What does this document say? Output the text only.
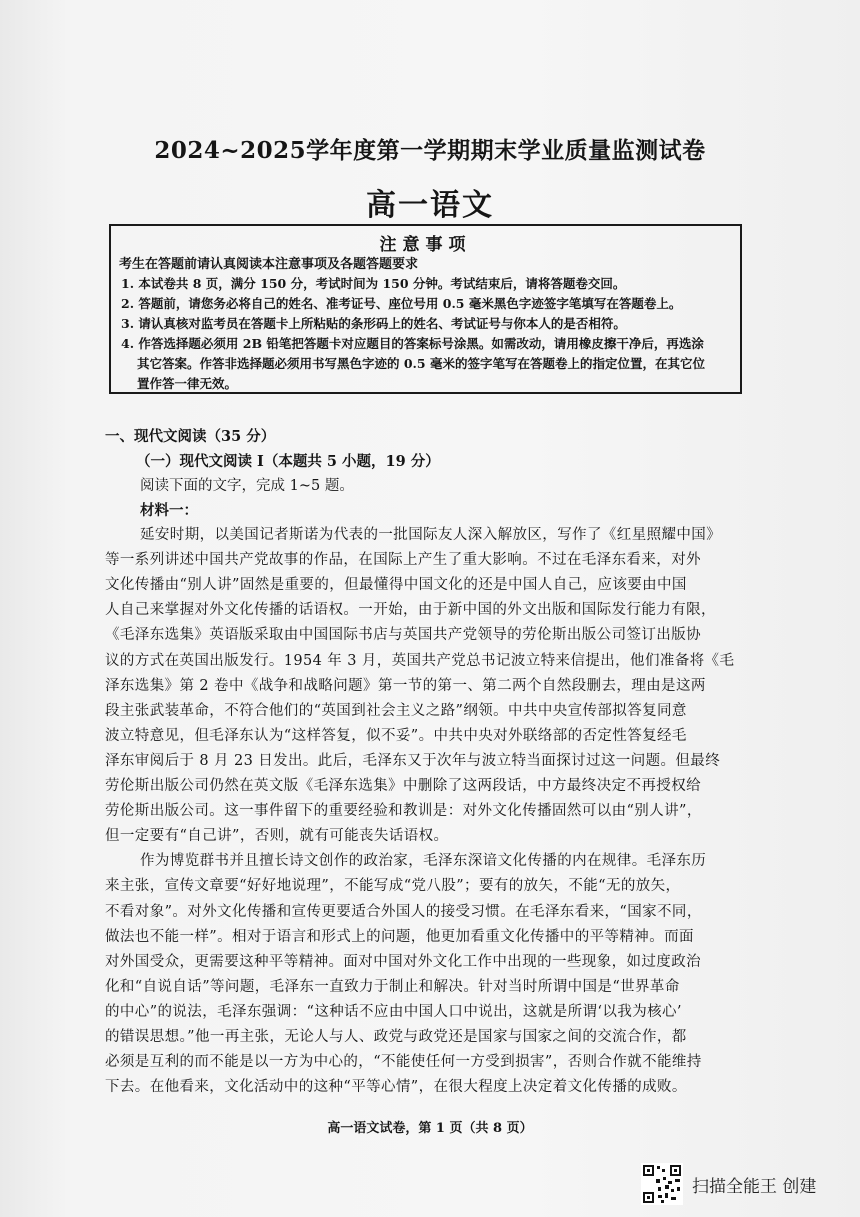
2024~2025学年度第一学期期末学业质量监测试卷
高一语文
注意事项
考生在答题前请认真阅读本注意事项及各题答题要求
1. 本试卷共 8 页，满分 150 分，考试时间为 150 分钟。考试结束后，请将答题卷交回。
2. 答题前，请您务必将自己的姓名、准考证号、座位号用 0.5 毫米黑色字迹签字笔填写在答题卷上。
3. 请认真核对监考员在答题卡上所粘贴的条形码上的姓名、考试证号与你本人的是否相符。
4. 作答选择题必须用 2B 铅笔把答题卡对应题目的答案标号涂黑。如需改动，请用橡皮擦干净后，再选涂
其它答案。作答非选择题必须用书写黑色字迹的 0.5 毫米的签字笔写在答题卷上的指定位置，在其它位
置作答一律无效。
一、现代文阅读（35 分）
（一）现代文阅读 I（本题共 5 小题，19 分）
阅读下面的文字，完成 1~5 题。
材料一：
延安时期，以美国记者斯诺为代表的一批国际友人深入解放区，写作了《红星照耀中国》
等一系列讲述中国共产党故事的作品，在国际上产生了重大影响。不过在毛泽东看来，对外
文化传播由“别人讲”固然是重要的，但最懂得中国文化的还是中国人自己，应该要由中国
人自己来掌握对外文化传播的话语权。一开始，由于新中国的外文出版和国际发行能力有限，
《毛泽东选集》英语版采取由中国国际书店与英国共产党领导的劳伦斯出版公司签订出版协
议的方式在英国出版发行。1954 年 3 月，英国共产党总书记波立特来信提出，他们准备将《毛
泽东选集》第 2 卷中《战争和战略问题》第一节的第一、第二两个自然段删去，理由是这两
段主张武装革命，不符合他们的“英国到社会主义之路”纲领。中共中央宣传部拟答复同意
波立特意见，但毛泽东认为“这样答复，似不妥”。中共中央对外联络部的否定性答复经毛
泽东审阅后于 8 月 23 日发出。此后，毛泽东又于次年与波立特当面探讨过这一问题。但最终
劳伦斯出版公司仍然在英文版《毛泽东选集》中删除了这两段话，中方最终决定不再授权给
劳伦斯出版公司。这一事件留下的重要经验和教训是：对外文化传播固然可以由“别人讲”，
但一定要有“自己讲”，否则，就有可能丧失话语权。
作为博览群书并且擅长诗文创作的政治家，毛泽东深谙文化传播的内在规律。毛泽东历
来主张，宣传文章要“好好地说理”，不能写成“党八股”；要有的放矢，不能“无的放矢，
不看对象”。对外文化传播和宣传更要适合外国人的接受习惯。在毛泽东看来，“国家不同，
做法也不能一样”。相对于语言和形式上的问题，他更加看重文化传播中的平等精神。而面
对外国受众，更需要这种平等精神。面对中国对外文化工作中出现的一些现象，如过度政治
化和“自说自话”等问题，毛泽东一直致力于制止和解决。针对当时所谓中国是“世界革命
的中心”的说法，毛泽东强调：“这种话不应由中国人口中说出，这就是所谓‘以我为核心’
的错误思想。”他一再主张，无论人与人、政党与政党还是国家与国家之间的交流合作，都
必须是互利的而不能是以一方为中心的，“不能使任何一方受到损害”，否则合作就不能维持
下去。在他看来，文化活动中的这种“平等心情”，在很大程度上决定着文化传播的成败。
高一语文试卷，第 1 页（共 8 页）
扫描全能王 创建
